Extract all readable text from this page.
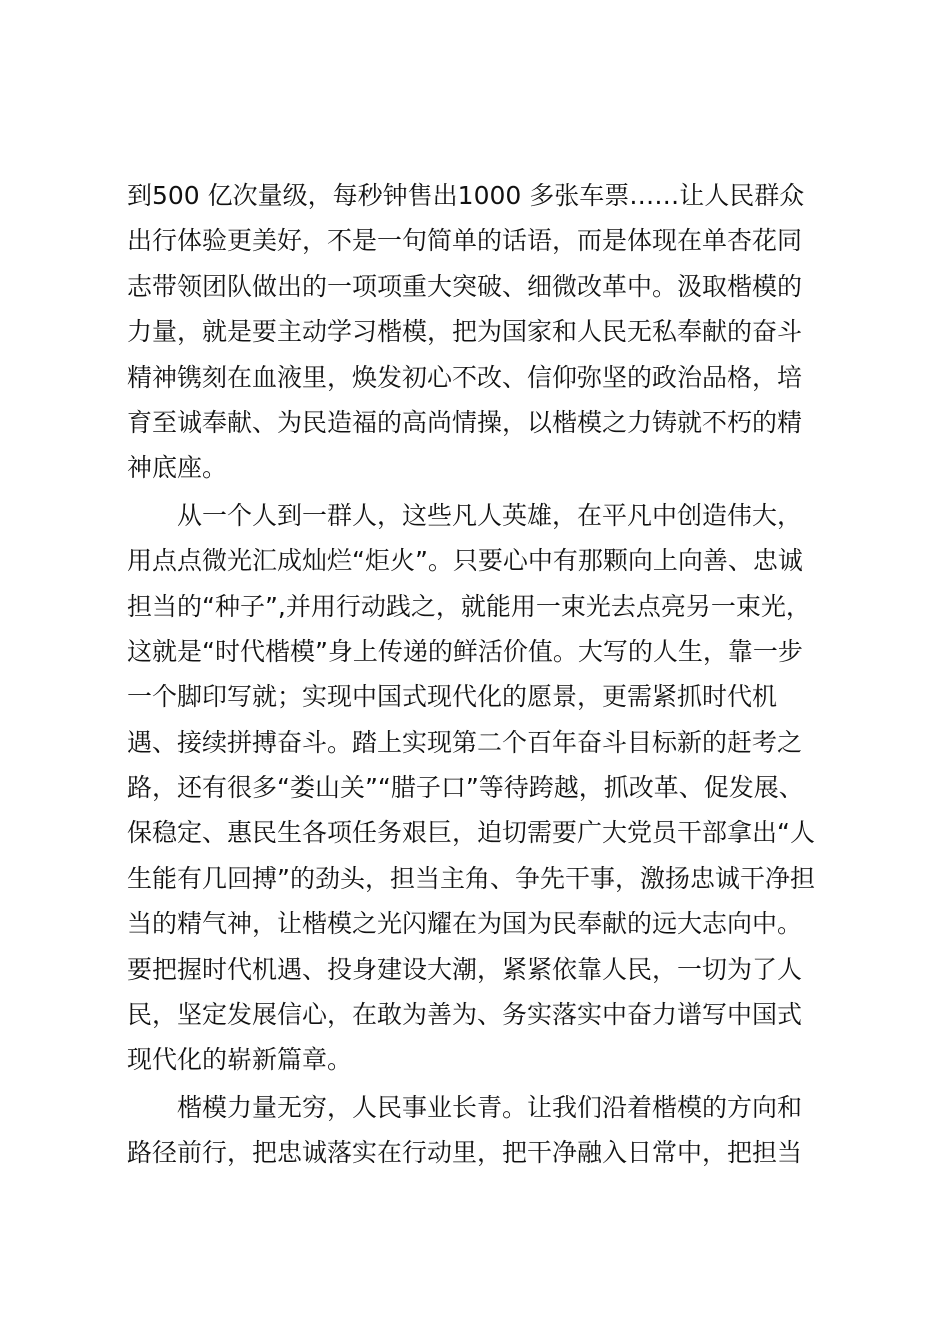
到500 亿次量级，每秒钟售出1000 多张车票……让人民群众
出行体验更美好，不是一句简单的话语，而是体现在单杏花同
志带领团队做出的一项项重大突破、细微改革中。汲取楷模的
力量，就是要主动学习楷模，把为国家和人民无私奉献的奋斗
精神镌刻在血液里，焕发初心不改、信仰弥坚的政治品格，培
育至诚奉献、为民造福的高尚情操，以楷模之力铸就不朽的精
神底座。
从一个人到一群人，这些凡人英雄，在平凡中创造伟大，
用点点微光汇成灿烂“炬火”。只要心中有那颗向上向善、忠诚
担当的“种子”,并用行动践之，就能用一束光去点亮另一束光，
这就是“时代楷模”身上传递的鲜活价值。大写的人生，靠一步
一个脚印写就；实现中国式现代化的愿景，更需紧抓时代机
遇、接续拼搏奋斗。踏上实现第二个百年奋斗目标新的赶考之
路，还有很多“娄山关”“腊子口”等待跨越，抓改革、促发展、
保稳定、惠民生各项任务艰巨，迫切需要广大党员干部拿出“人
生能有几回搏”的劲头，担当主角、争先干事，激扬忠诚干净担
当的精气神，让楷模之光闪耀在为国为民奉献的远大志向中。
要把握时代机遇、投身建设大潮，紧紧依靠人民，一切为了人
民，坚定发展信心，在敢为善为、务实落实中奋力谱写中国式
现代化的崭新篇章。
楷模力量无穷，人民事业长青。让我们沿着楷模的方向和
路径前行，把忠诚落实在行动里，把干净融入日常中，把担当
